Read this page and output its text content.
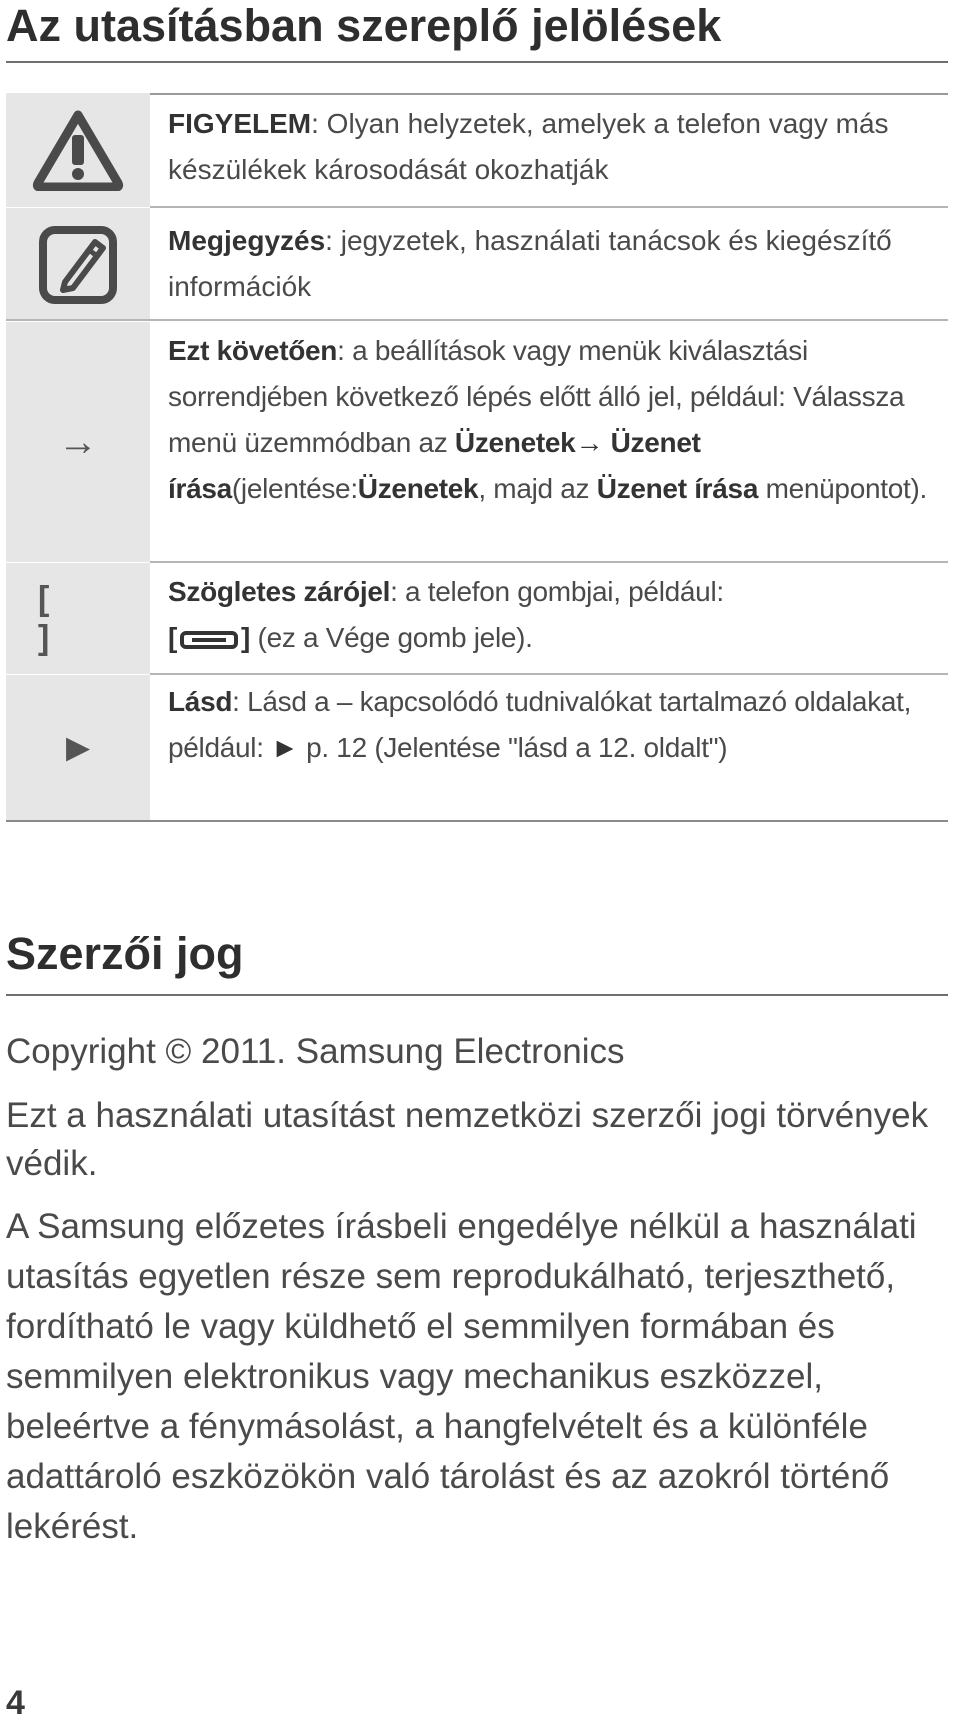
Az utasításban szereplő jelölések
FIGYELEM: Olyan helyzetek, amelyek a telefon vagy más készülékek károsodását okozhatják
Megjegyzés: jegyzetek, használati tanácsok és kiegészítő információk
→
Ezt követően: a beállítások vagy menük kiválasztási sorrendjében következő lépés előtt álló jel, például: Válassza menü üzemmódban az Üzenetek→ Üzenet írása(jelentése:Üzenetek, majd az Üzenet írása menüpontot).
[ ]
Szögletes zárójel: a telefon gombjai, például:
[ ] (ez a Vége gomb jele).
►
Lásd: Lásd a – kapcsolódó tudnivalókat tartalmazó oldalakat, például: ► p. 12 (Jelentése "lásd a 12. oldalt")
Szerzői jog

Copyright © 2011. Samsung Electronics

Ezt a használati utasítást nemzetközi szerzői jogi törvények védik.

A Samsung előzetes írásbeli engedélye nélkül a használati utasítás egyetlen része sem reprodukálható, terjeszthető, fordítható le vagy küldhető el semmilyen formában és semmilyen elektronikus vagy mechanikus eszközzel, beleértve a fénymásolást, a hangfelvételt és a különféle adattároló eszközökön való tárolást és az azokról történő lekérést.

4
